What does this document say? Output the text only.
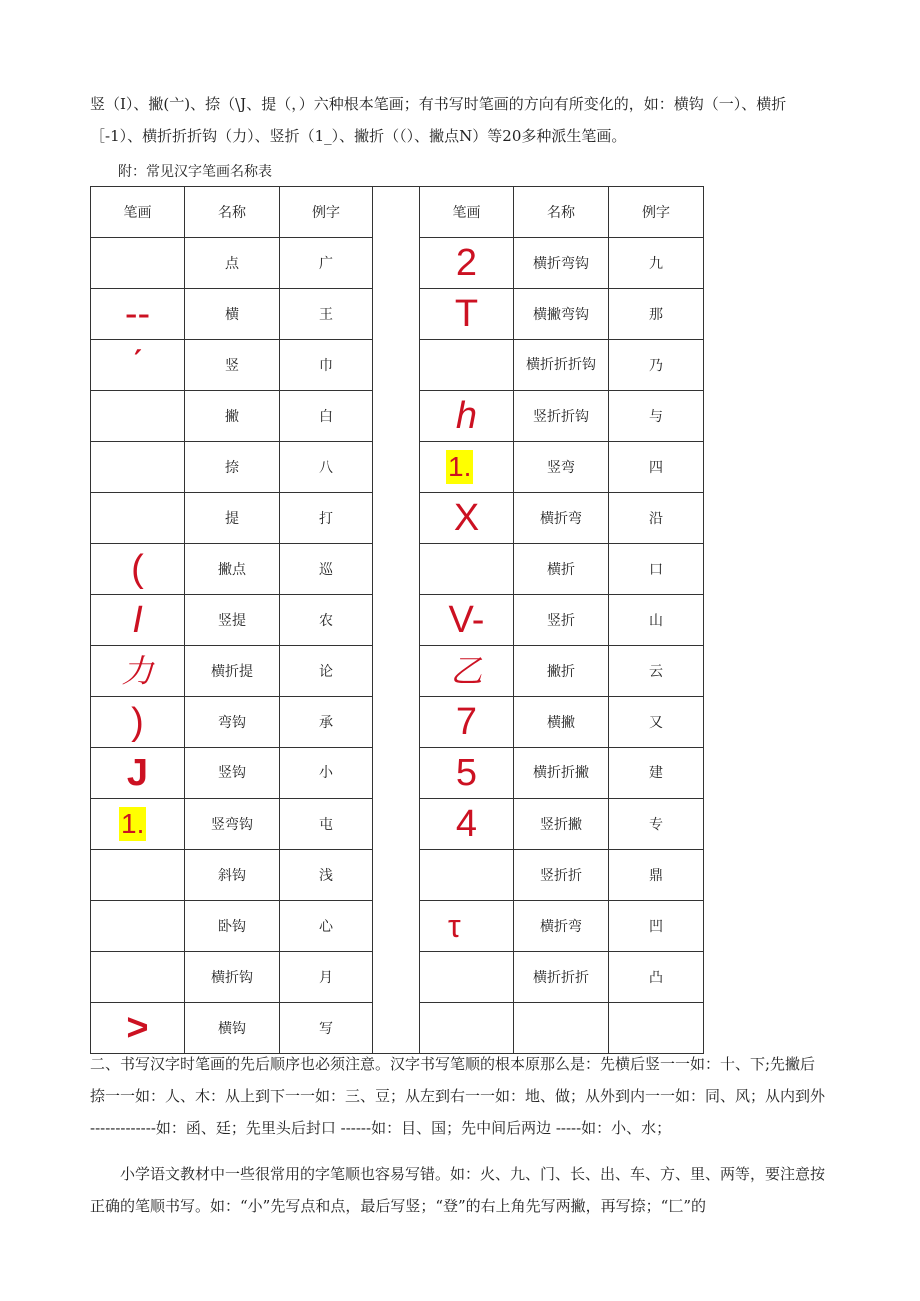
竖（I）、撇(亠)、捺（\J、提（，）六种根本笔画；有书写时笔画的方向有所变化的，如：横钩（一）、横折［-1）、横折折折钩（力）、竖折（1_）、撇折（（）、撇点N）等20多种派生笔画。

附：常见汉字笔画名称表

笔画	名称	例字		笔画	名称	例字
	点	广		2	横折弯钩	九
--	横	王		T	横撇弯钩	那
ˊ	竖	巾			横折折折钩	乃
	撇	白		h	竖折折钩	与
	捺	八		1.	竖弯	四
	提	打		X	横折弯	沿
(	撇点	巡			横折	口
I	竖提	农		V-	竖折	山
力	横折提	论		乙	撇折	云
)	弯钩	承		7	横撇	又
J	竖钩	小		5	横折折撇	建
1.	竖弯钩	屯		4	竖折撇	专
	斜钩	浅			竖折折	鼎
	卧钩	心		τ	横折弯	凹
	横折钩	月			横折折折	凸
>	横钩	写				

二、书写汉字时笔画的先后顺序也必须注意。汉字书写笔顺的根本原那么是：先横后竖一一如：十、下;先撇后捺一一如：人、木：从上到下一一如：三、豆；从左到右一一如：地、做；从外到内一一如：同、风；从内到外 -------------如：函、廷；先里头后封口 ------如：目、国；先中间后两边 -----如：小、水；

小学语文教材中一些很常用的字笔顺也容易写错。如：火、九、门、长、出、车、方、里、两等，要注意按正确的笔顺书写。如：“小”先写点和点，最后写竖；“登”的右上角先写两撇，再写捺；“匚”的
